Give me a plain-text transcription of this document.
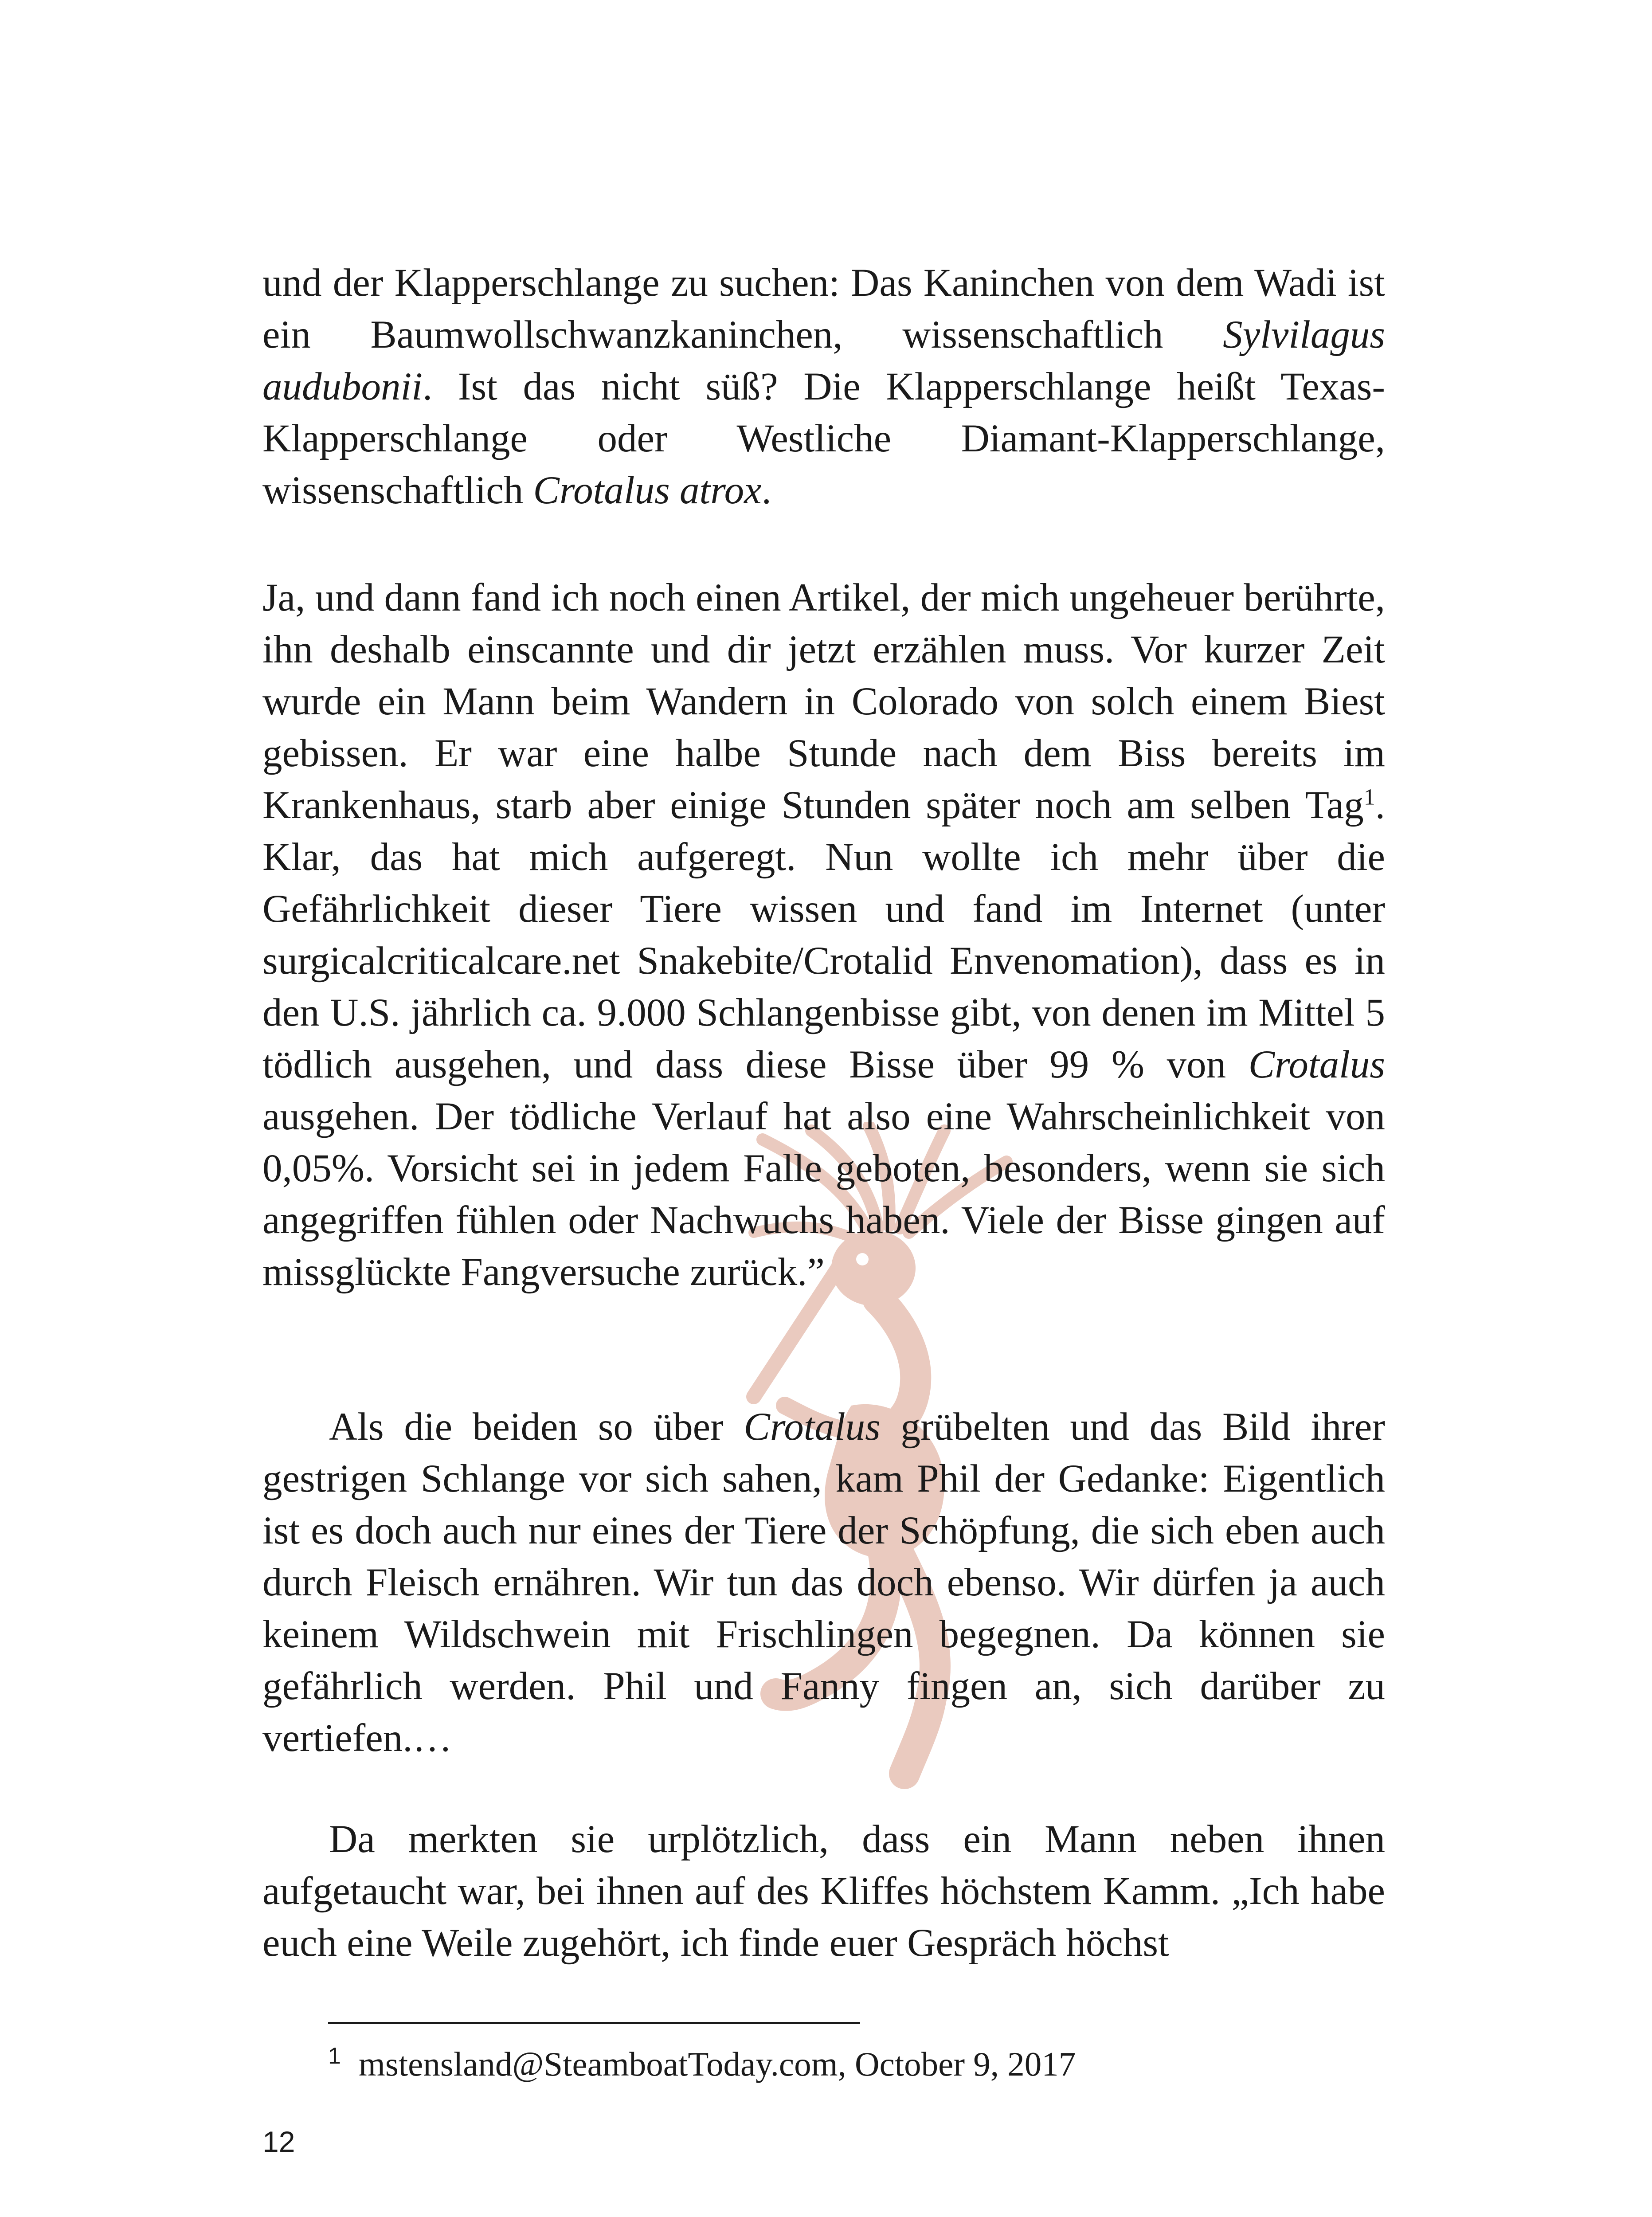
und der Klapperschlange zu suchen: Das Kaninchen von dem Wadi ist ein Baumwollschwanzkaninchen, wissenschaftlich Sylvilagus audubonii. Ist das nicht süß? Die Klapperschlange heißt Texas-Klapperschlange oder Westliche Diamant-Klapperschlange, wissenschaftlich Crotalus atrox.

Ja, und dann fand ich noch einen Artikel, der mich ungeheuer berührte, ihn deshalb einscannte und dir jetzt erzählen muss. Vor kurzer Zeit wurde ein Mann beim Wandern in Colorado von solch einem Biest gebissen. Er war eine halbe Stunde nach dem Biss bereits im Krankenhaus, starb aber einige Stunden später noch am selben Tag$^1$. Klar, das hat mich aufgeregt. Nun wollte ich mehr über die Gefährlichkeit dieser Tiere wissen und fand im Internet (unter surgicalcriticalcare.net Snakebite/Crotalid Envenomation), dass es in den U.S. jährlich ca. 9.000 Schlangenbisse gibt, von denen im Mittel 5 tödlich ausgehen, und dass diese Bisse über 99 % von Crotalus ausgehen. Der tödliche Verlauf hat also eine Wahrscheinlichkeit von 0,05%. Vorsicht sei in jedem Falle geboten, besonders, wenn sie sich angegriffen fühlen oder Nachwuchs haben. Viele der Bisse gingen auf missglückte Fangversuche zurück.”

Als die beiden so über Crotalus grübelten und das Bild ihrer gestrigen Schlange vor sich sahen, kam Phil der Gedanke: Eigentlich ist es doch auch nur eines der Tiere der Schöpfung, die sich eben auch durch Fleisch ernähren. Wir tun das doch ebenso. Wir dürfen ja auch keinem Wildschwein mit Frischlingen begegnen. Da können sie gefährlich werden. Phil und Fanny fingen an, sich darüber zu vertiefen.…

Da merkten sie urplötzlich, dass ein Mann neben ihnen aufgetaucht war, bei ihnen auf des Kliffes höchstem Kamm. „Ich habe euch eine Weile zugehört, ich finde euer Gespräch höchst

$^1$ mstensland@SteamboatToday.com, October 9, 2017
12
